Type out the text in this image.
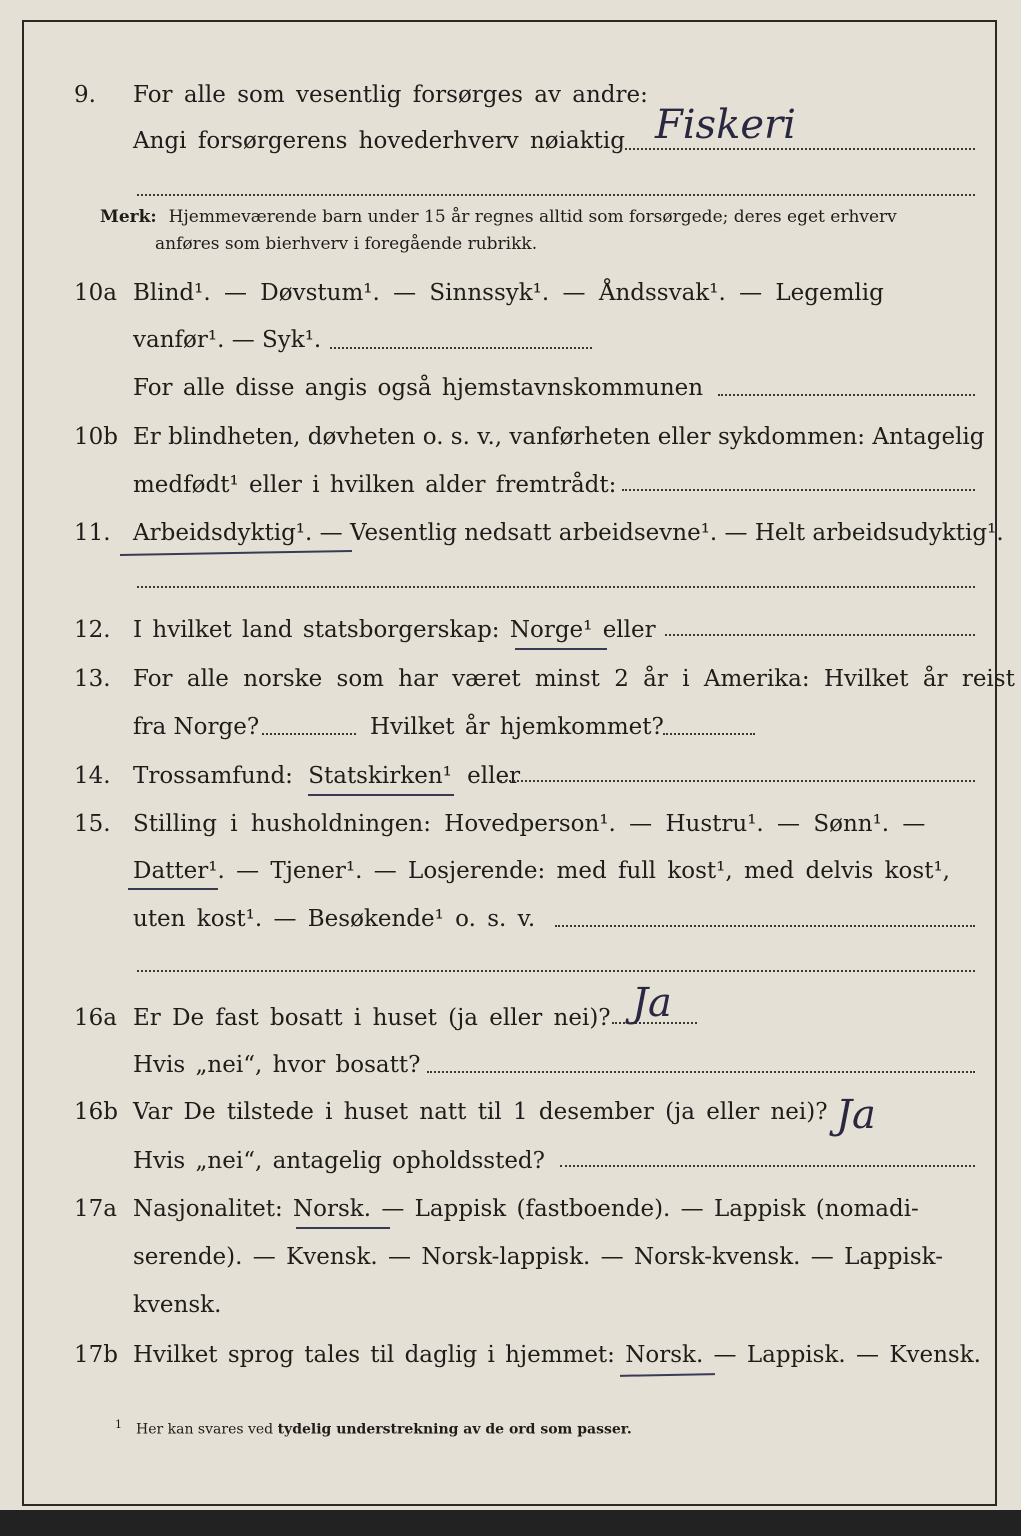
9. For alle som vesentlig forsørges av andre:
Angi forsørgerens hovederhverv nøiaktig Fiskeri
Merk: Hjemmeværende barn under 15 år regnes alltid som forsørgede; deres eget erhverv
anføres som bierhverv i foregående rubrikk.
10a Blind¹. — Døvstum¹. — Sinnssyk¹. — Åndssvak¹. — Legemlig
vanfør¹. — Syk¹.
For alle disse angis også hjemstavnskommunen
10b Er blindheten, døvheten o. s. v., vanførheten eller sykdommen: Antagelig
medfødt¹ eller i hvilken alder fremtrådt:
11. Arbeidsdyktig¹. — Vesentlig nedsatt arbeidsevne¹. — Helt arbeidsudyktig¹.
12. I hvilket land statsborgerskap: Norge¹ eller
13. For alle norske som har været minst 2 år i Amerika: Hvilket år reist
fra Norge?	Hvilket år hjemkommet?
14. Trossamfund: Statskirken¹ eller
15. Stilling i husholdningen: Hovedperson¹. — Hustru¹. — Sønn¹. —
Datter¹. — Tjener¹. — Losjerende: med full kost¹, med delvis kost¹,
uten kost¹. — Besøkende¹ o. s. v.
16a Er De fast bosatt i huset (ja eller nei)? Ja
Hvis „nei“, hvor bosatt?
16b Var De tilstede i huset natt til 1 desember (ja eller nei)? Ja
Hvis „nei“, antagelig opholdssted?
17a Nasjonalitet: Norsk. — Lappisk (fastboende). — Lappisk (nomadi-
serende). — Kvensk. — Norsk-lappisk. — Norsk-kvensk. — Lappisk-
kvensk.
17b Hvilket sprog tales til daglig i hjemmet: Norsk. — Lappisk. — Kvensk.
$^1$ Her kan svares ved tydelig understrekning av de ord som passer.
